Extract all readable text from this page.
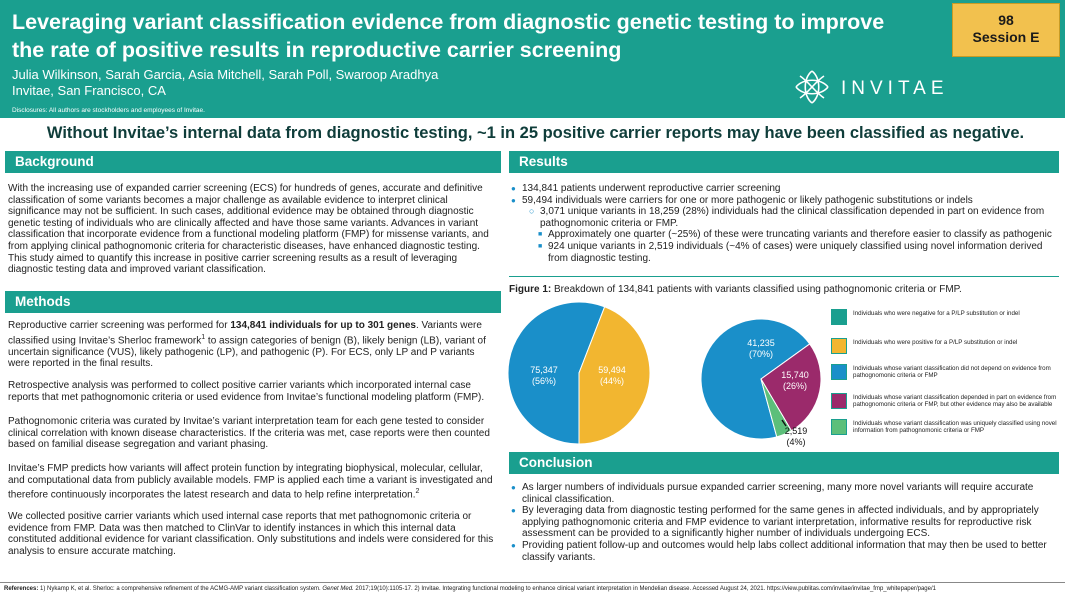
Leveraging variant classification evidence from diagnostic genetic testing to improve the rate of positive results in reproductive carrier screening
Julia Wilkinson, Sarah Garcia, Asia Mitchell, Sarah Poll, Swaroop Aradhya
Invitae, San Francisco, CA
Disclosures: All authors are stockholders and employees of Invitae.
98
Session E
INVITAE
Without Invitae’s internal data from diagnostic testing, ~1 in 25 positive carrier reports may have been classified as negative.
Background
With the increasing use of expanded carrier screening (ECS) for hundreds of genes, accurate and definitive classification of some variants becomes a major challenge as available evidence to interpret clinical significance may not be sufficient. In such cases, additional evidence may be obtained through diagnostic genetic testing of individuals who are clinically affected and have those same variants. Advances in variant classification that incorporate evidence from a functional modeling platform (FMP) for missense variants, and from applying clinical pathognomonic criteria for characteristic diseases, have enhanced diagnostic testing. This study aimed to quantify this increase in positive carrier screening results as a result of leveraging diagnostic testing data and improved variant classification.
Methods
Reproductive carrier screening was performed for 134,841 individuals for up to 301 genes. Variants were classified using Invitae’s Sherloc framework$^1$ to assign categories of benign (B), likely benign (LB), variant of uncertain significance (VUS), likely pathogenic (LP), and pathogenic (P). For ECS, only LP and P variants were reported in the final results.
Retrospective analysis was performed to collect positive carrier variants which incorporated internal case reports that met pathognomonic criteria or used evidence from Invitae’s functional modeling platform (FMP).
Pathognomonic criteria was curated by Invitae’s variant interpretation team for each gene tested to consider clinical correlation with known disease characteristics. If the criteria was met, case reports were then counted based on familial disease segregation and variant phasing.
Invitae’s FMP predicts how variants will affect protein function by integrating biophysical, molecular, cellular, and computational data from publicly available models. FMP is applied each time a variant is investigated and therefore continuously incorporates the latest research and data to help refine interpretation.$^2$
We collected positive carrier variants which used internal case reports that met pathognomonic criteria or evidence from FMP. Data was then matched to ClinVar to identify instances in which this internal data constituted additional evidence for variant classification. Only substitutions and indels were considered for this analysis to ensure accurate matching.
Results
● 134,841 patients underwent reproductive carrier screening
● 59,494 individuals were carriers for one or more pathogenic or likely pathogenic substitutions or indels
○ 3,071 unique variants in 18,259 (28%) individuals had the clinical classification depended in part on evidence from pathognomonic criteria or FMP.
■ Approximately one quarter (~25%) of these were truncating variants and therefore easier to classify as pathogenic
■ 924 unique variants in 2,519 individuals (~4% of cases) were uniquely classified using novel information derived from diagnostic testing.
Figure 1: Breakdown of 134,841 patients with variants classified using pathognomonic criteria or FMP.
75,347
(56%)
59,494
(44%)
41,235
(70%)
15,740
(26%)
2,519
(4%)
Individuals who were negative for a P/LP substitution or indel
Individuals who were positive for a P/LP substitution or indel
Individuals whose variant classification did not depend on evidence from pathognomonic criteria or FMP
Individuals whose variant classification depended in part on evidence from pathognomonic criteria or FMP, but other evidence may also be available
Individuals whose variant classification was uniquely classified using novel information from pathognomonic criteria or FMP
Conclusion
● As larger numbers of individuals pursue expanded carrier screening, many more novel variants will require accurate clinical classification.
● By leveraging data from diagnostic testing performed for the same genes in affected individuals, and by appropriately applying pathognomonic criteria and FMP evidence to variant interpretation, informative results for reproductive risk assessment can be provided to a significantly higher number of individuals undergoing ECS.
● Providing patient follow-up and outcomes would help labs collect additional information that may then be used to better classify variants.
References: 1) Nykamp K, et al. Sherloc: a comprehensive refinement of the ACMG-AMP variant classification system. Genet Med. 2017;19(10):1105-17. 2) Invitae. Integrating functional modeling to enhance clinical variant interpretation in Mendelian disease. Accessed August 24, 2021. https://view.publitas.com/invitae/invitae_fmp_whitepaper/page/1
